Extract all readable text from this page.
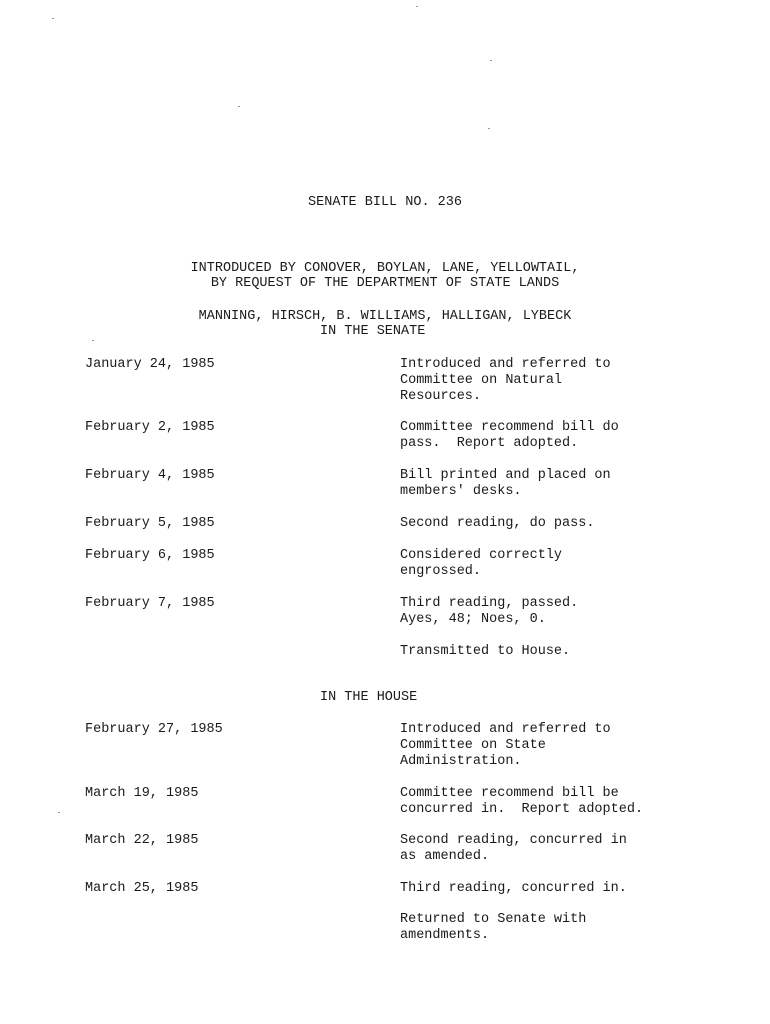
SENATE BILL NO. 236

INTRODUCED BY CONOVER, BOYLAN, LANE, YELLOWTAIL,

MANNING, HIRSCH, B. WILLIAMS, HALLIGAN, LYBECK

BY REQUEST OF THE DEPARTMENT OF STATE LANDS
IN THE SENATE
January 24, 1985	Introduced and referred to
Committee on Natural
Resources.
February 2, 1985	Committee recommend bill do
pass.  Report adopted.
February 4, 1985	Bill printed and placed on
members' desks.
February 5, 1985	Second reading, do pass.
February 6, 1985	Considered correctly
engrossed.
February 7, 1985	Third reading, passed.
Ayes, 48; Noes, 0.
Transmitted to House.
IN THE HOUSE
February 27, 1985	Introduced and referred to
Committee on State
Administration.
March 19, 1985	Committee recommend bill be
concurred in.  Report adopted.
March 22, 1985	Second reading, concurred in
as amended.
March 25, 1985	Third reading, concurred in.
Returned to Senate with
amendments.
